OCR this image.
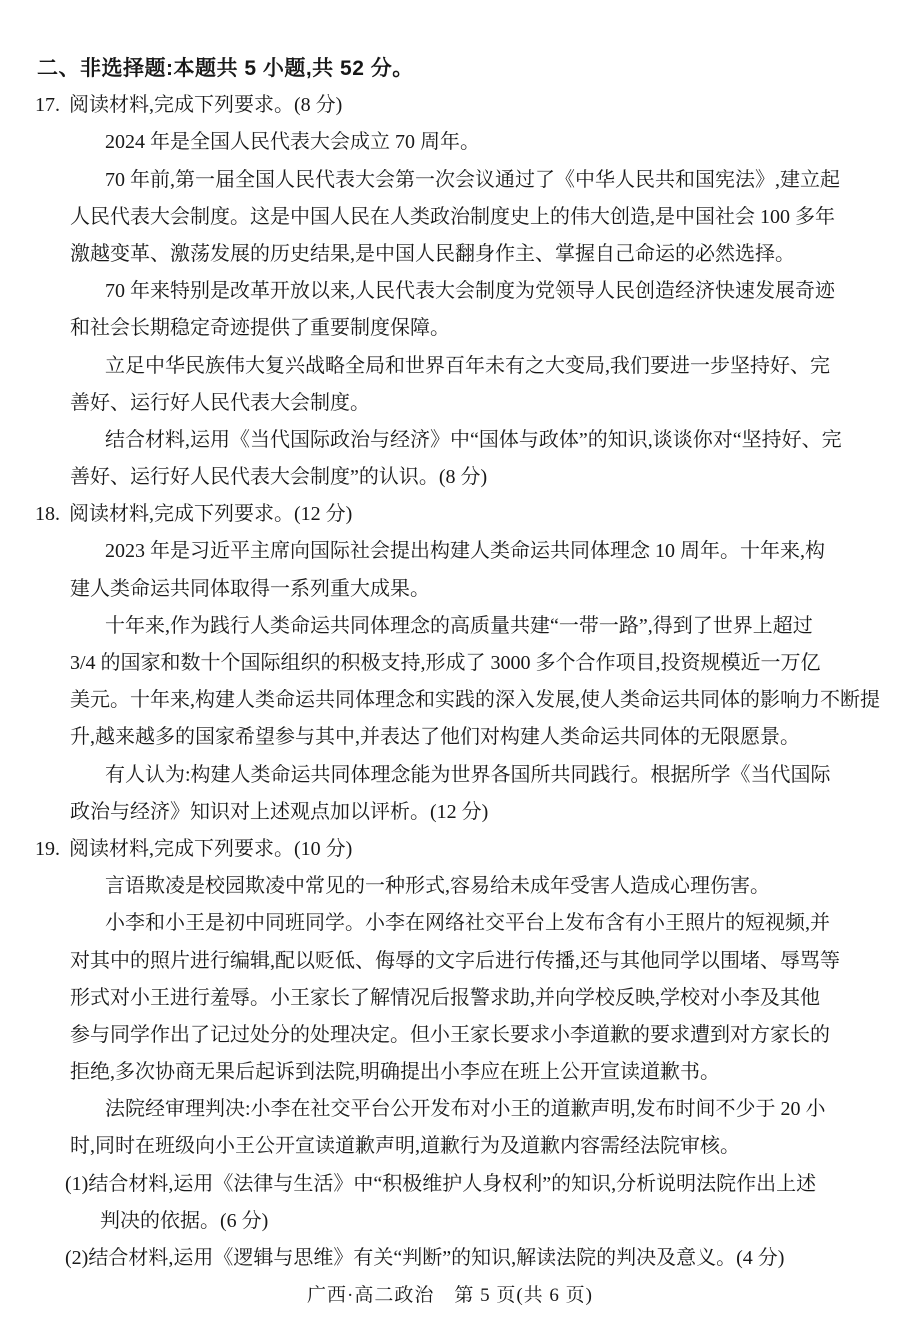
二、非选择题:本题共 5 小题,共 52 分。
17. 阅读材料,完成下列要求。(8 分)
2024 年是全国人民代表大会成立 70 周年。
70 年前,第一届全国人民代表大会第一次会议通过了《中华人民共和国宪法》,建立起
人民代表大会制度。这是中国人民在人类政治制度史上的伟大创造,是中国社会 100 多年
激越变革、激荡发展的历史结果,是中国人民翻身作主、掌握自己命运的必然选择。
70 年来特别是改革开放以来,人民代表大会制度为党领导人民创造经济快速发展奇迹
和社会长期稳定奇迹提供了重要制度保障。
立足中华民族伟大复兴战略全局和世界百年未有之大变局,我们要进一步坚持好、完
善好、运行好人民代表大会制度。
结合材料,运用《当代国际政治与经济》中“国体与政体”的知识,谈谈你对“坚持好、完
善好、运行好人民代表大会制度”的认识。(8 分)
18. 阅读材料,完成下列要求。(12 分)
2023 年是习近平主席向国际社会提出构建人类命运共同体理念 10 周年。十年来,构
建人类命运共同体取得一系列重大成果。
十年来,作为践行人类命运共同体理念的高质量共建“一带一路”,得到了世界上超过
3/4 的国家和数十个国际组织的积极支持,形成了 3000 多个合作项目,投资规模近一万亿
美元。十年来,构建人类命运共同体理念和实践的深入发展,使人类命运共同体的影响力不断提
升,越来越多的国家希望参与其中,并表达了他们对构建人类命运共同体的无限愿景。
有人认为:构建人类命运共同体理念能为世界各国所共同践行。根据所学《当代国际
政治与经济》知识对上述观点加以评析。(12 分)
19. 阅读材料,完成下列要求。(10 分)
言语欺凌是校园欺凌中常见的一种形式,容易给未成年受害人造成心理伤害。
小李和小王是初中同班同学。小李在网络社交平台上发布含有小王照片的短视频,并
对其中的照片进行编辑,配以贬低、侮辱的文字后进行传播,还与其他同学以围堵、辱骂等
形式对小王进行羞辱。小王家长了解情况后报警求助,并向学校反映,学校对小李及其他
参与同学作出了记过处分的处理决定。但小王家长要求小李道歉的要求遭到对方家长的
拒绝,多次协商无果后起诉到法院,明确提出小李应在班上公开宣读道歉书。
法院经审理判决:小李在社交平台公开发布对小王的道歉声明,发布时间不少于 20 小
时,同时在班级向小王公开宣读道歉声明,道歉行为及道歉内容需经法院审核。
(1)结合材料,运用《法律与生活》中“积极维护人身权利”的知识,分析说明法院作出上述
判决的依据。(6 分)
(2)结合材料,运用《逻辑与思维》有关“判断”的知识,解读法院的判决及意义。(4 分)
广西·高二政治　第 5 页(共 6 页)
